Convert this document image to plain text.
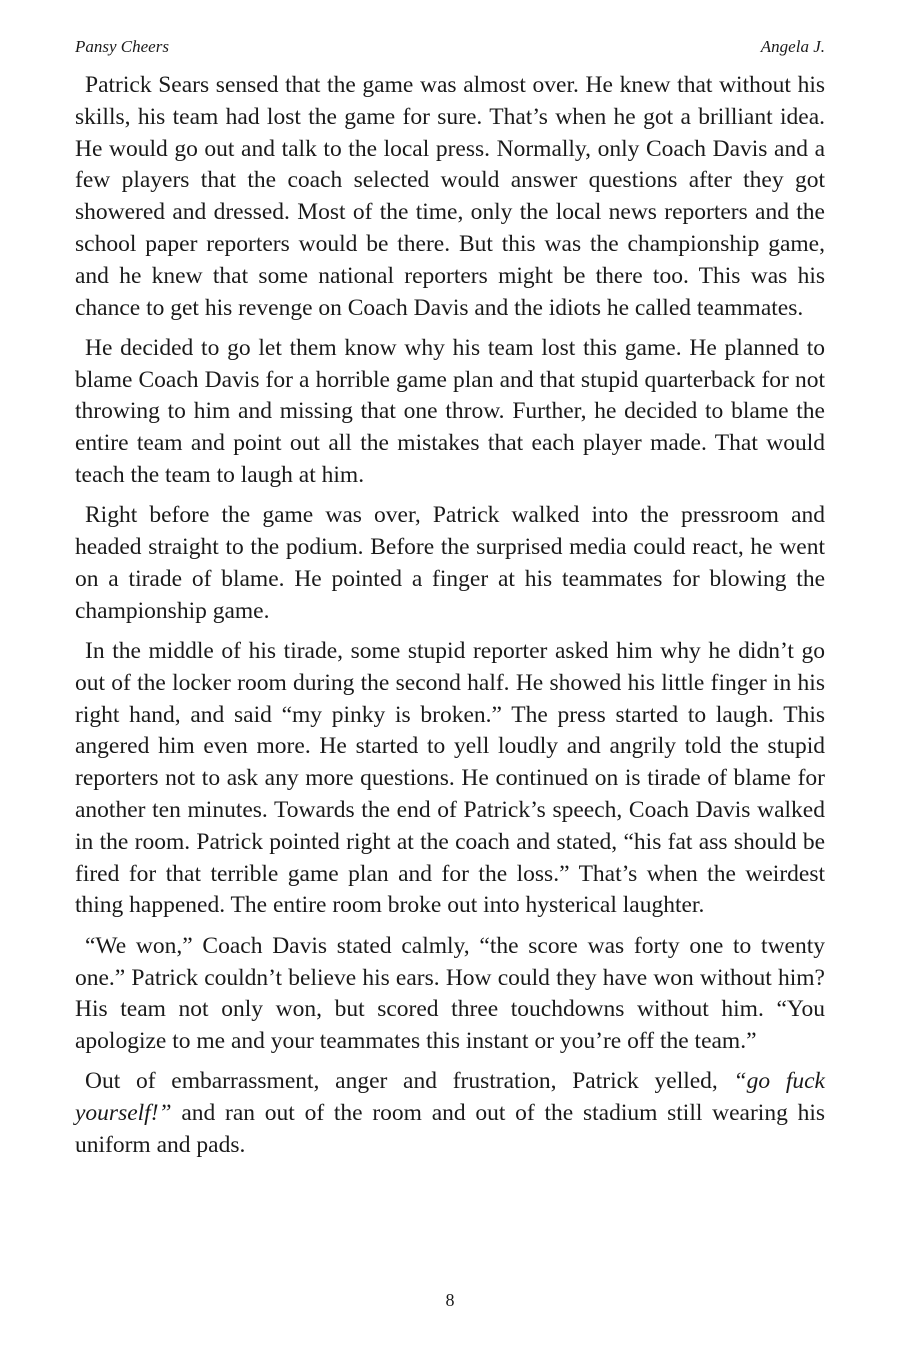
Pansy Cheers	Angela J.

Patrick Sears sensed that the game was almost over. He knew that without his skills, his team had lost the game for sure. That’s when he got a brilliant idea. He would go out and talk to the local press. Normally, only Coach Davis and a few players that the coach selected would answer questions after they got showered and dressed. Most of the time, only the local news reporters and the school paper reporters would be there. But this was the championship game, and he knew that some national reporters might be there too. This was his chance to get his revenge on Coach Davis and the idiots he called teammates.

He decided to go let them know why his team lost this game. He planned to blame Coach Davis for a horrible game plan and that stupid quarterback for not throwing to him and missing that one throw. Further, he decided to blame the entire team and point out all the mistakes that each player made. That would teach the team to laugh at him.

Right before the game was over, Patrick walked into the pressroom and headed straight to the podium. Before the surprised media could react, he went on a tirade of blame. He pointed a finger at his teammates for blowing the championship game.

In the middle of his tirade, some stupid reporter asked him why he didn’t go out of the locker room during the second half. He showed his little finger in his right hand, and said “my pinky is broken.” The press started to laugh. This angered him even more. He started to yell loudly and angrily told the stupid reporters not to ask any more questions. He continued on is tirade of blame for another ten minutes. Towards the end of Patrick’s speech, Coach Davis walked in the room. Patrick pointed right at the coach and stated, “his fat ass should be fired for that terrible game plan and for the loss.” That’s when the weirdest thing happened. The entire room broke out into hysterical laughter.

“We won,” Coach Davis stated calmly, “the score was forty one to twenty one.” Patrick couldn’t believe his ears. How could they have won without him? His team not only won, but scored three touchdowns without him. “You apologize to me and your teammates this instant or you’re off the team.”

Out of embarrassment, anger and frustration, Patrick yelled, “go fuck yourself!” and ran out of the room and out of the stadium still wearing his uniform and pads.

8
